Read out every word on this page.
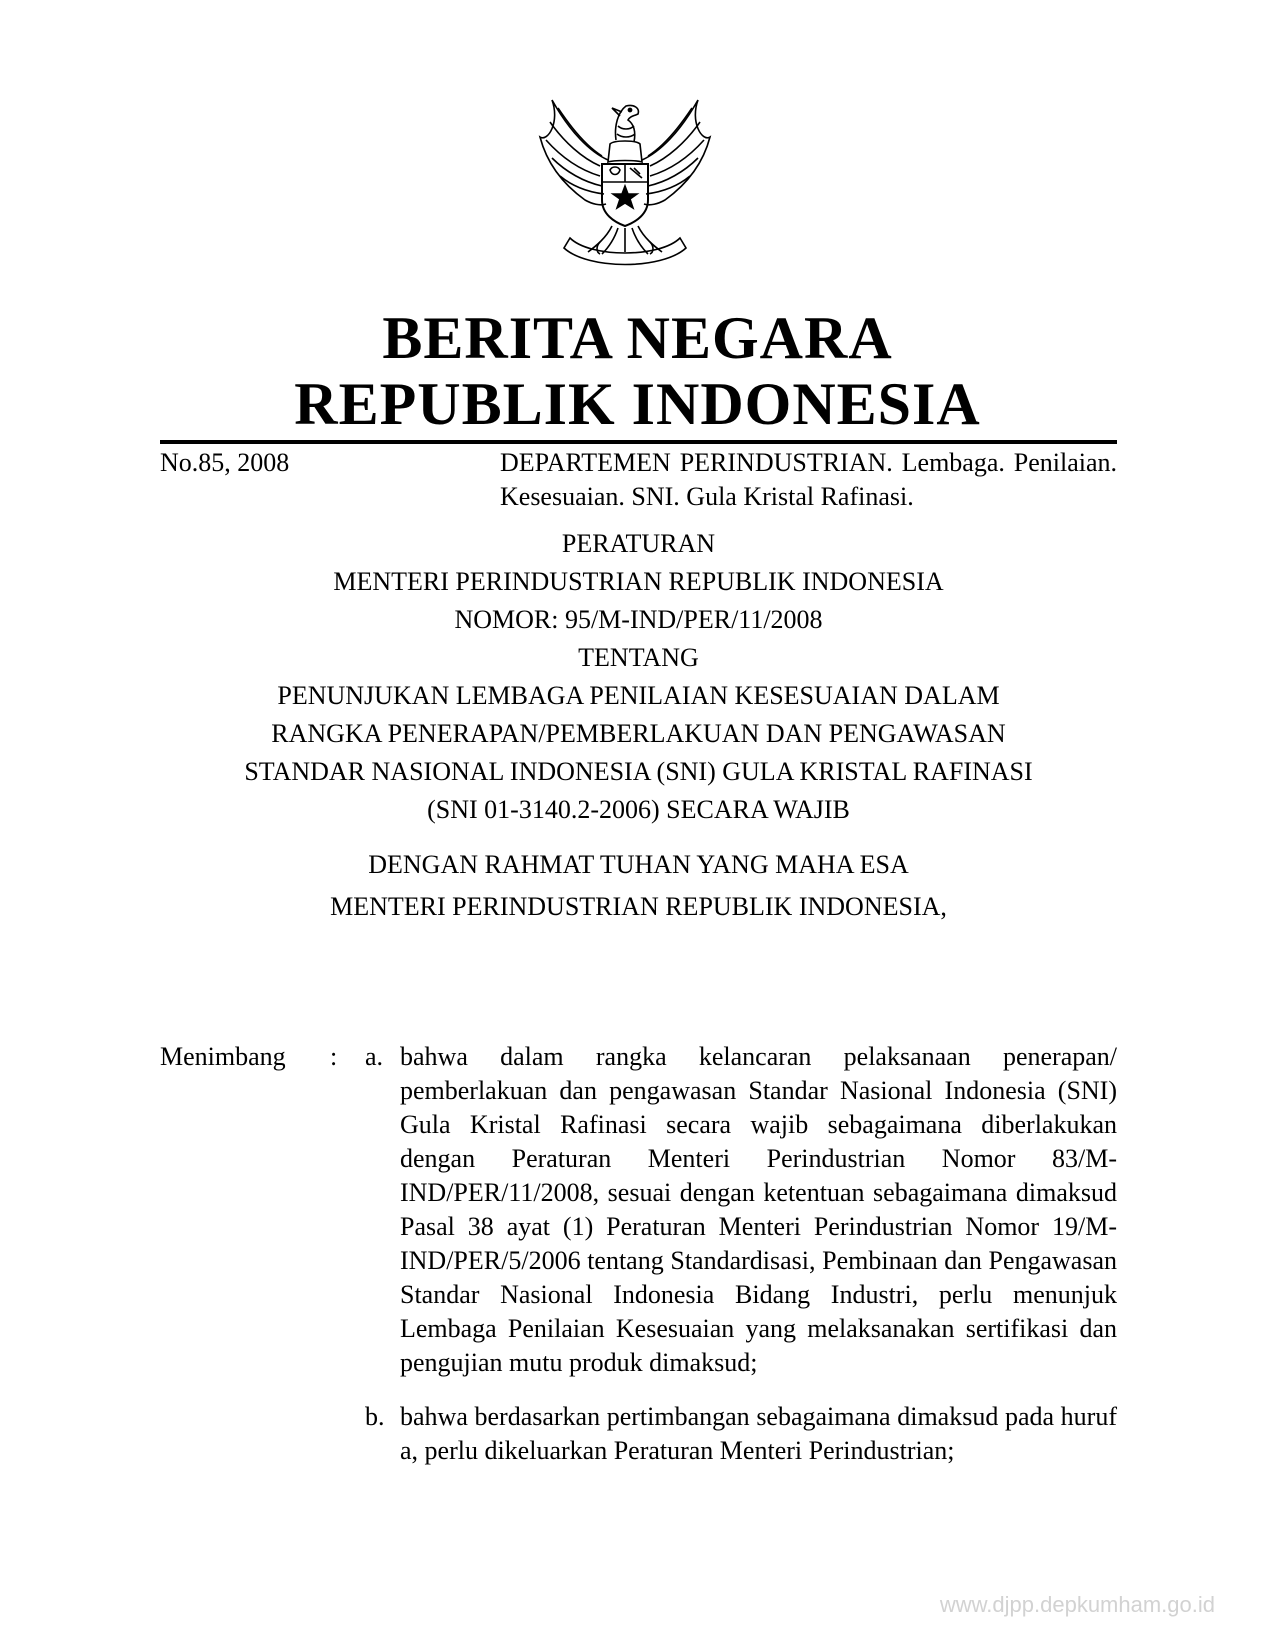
BERITA NEGARA
REPUBLIK INDONESIA
No.85, 2008	DEPARTEMEN PERINDUSTRIAN. Lembaga. Penilaian. Kesesuaian. SNI. Gula Kristal Rafinasi.
PERATURAN
MENTERI PERINDUSTRIAN REPUBLIK INDONESIA
NOMOR: 95/M-IND/PER/11/2008
TENTANG
PENUNJUKAN LEMBAGA PENILAIAN KESESUAIAN DALAM
RANGKA PENERAPAN/PEMBERLAKUAN DAN PENGAWASAN
STANDAR NASIONAL INDONESIA (SNI) GULA KRISTAL RAFINASI
(SNI 01-3140.2-2006) SECARA WAJIB
DENGAN RAHMAT TUHAN YANG MAHA ESA
MENTERI PERINDUSTRIAN REPUBLIK INDONESIA,
Menimbang : a. bahwa dalam rangka kelancaran pelaksanaan penerapan/ pemberlakuan dan pengawasan Standar Nasional Indonesia (SNI) Gula Kristal Rafinasi secara wajib sebagaimana diberlakukan dengan Peraturan Menteri Perindustrian Nomor 83/M-IND/PER/11/2008, sesuai dengan ketentuan sebagaimana dimaksud Pasal 38 ayat (1) Peraturan Menteri Perindustrian Nomor 19/M-IND/PER/5/2006 tentang Standardisasi, Pembinaan dan Pengawasan Standar Nasional Indonesia Bidang Industri, perlu menunjuk Lembaga Penilaian Kesesuaian yang melaksanakan sertifikasi dan pengujian mutu produk dimaksud;
b. bahwa berdasarkan pertimbangan sebagaimana dimaksud pada huruf a, perlu dikeluarkan Peraturan Menteri Perindustrian;
www.djpp.depkumham.go.id
